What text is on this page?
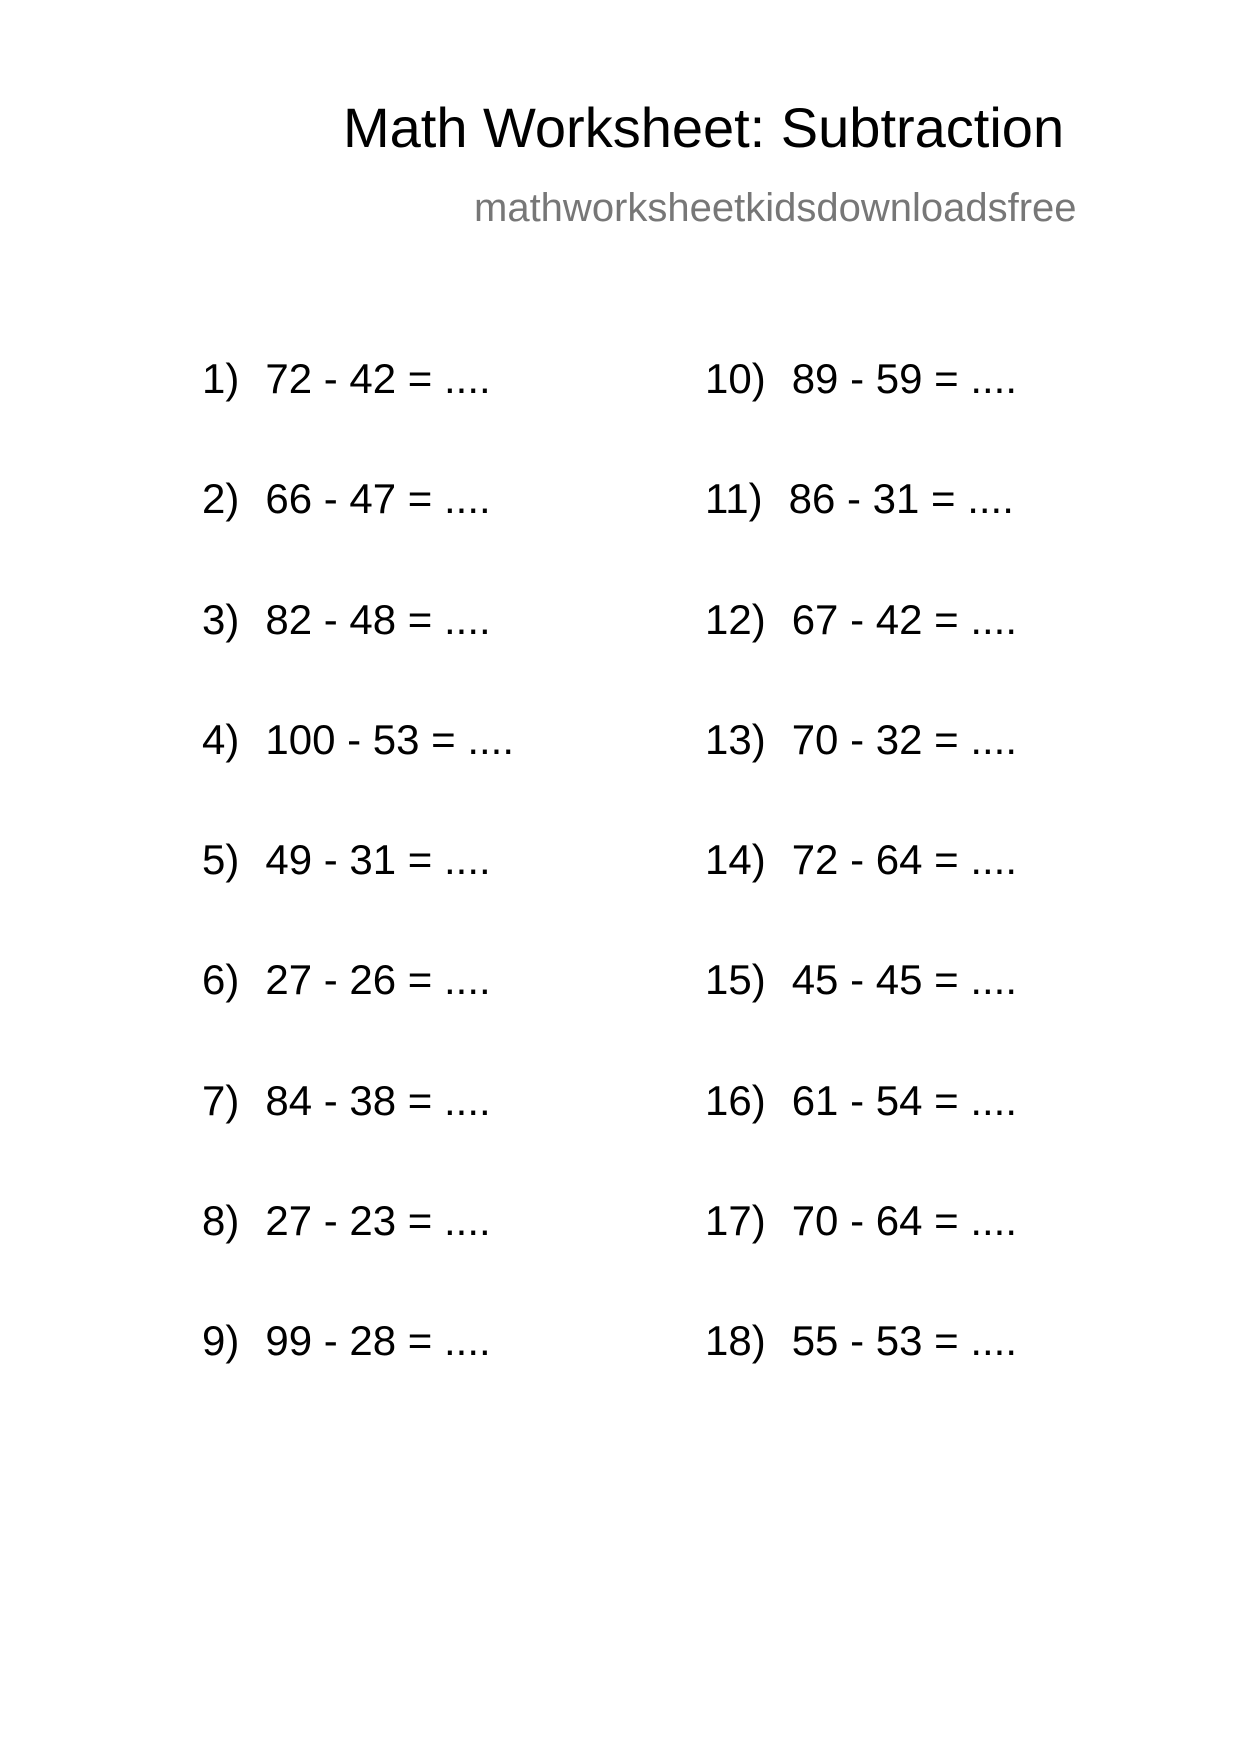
Math Worksheet: Subtraction
mathworksheetkidsdownloadsfree
1) 72 - 42 = ....
2) 66 - 47 = ....
3) 82 - 48 = ....
4) 100 - 53 = ....
5) 49 - 31 = ....
6) 27 - 26 = ....
7) 84 - 38 = ....
8) 27 - 23 = ....
9) 99 - 28 = ....
10) 89 - 59 = ....
11) 86 - 31 = ....
12) 67 - 42 = ....
13) 70 - 32 = ....
14) 72 - 64 = ....
15) 45 - 45 = ....
16) 61 - 54 = ....
17) 70 - 64 = ....
18) 55 - 53 = ....
